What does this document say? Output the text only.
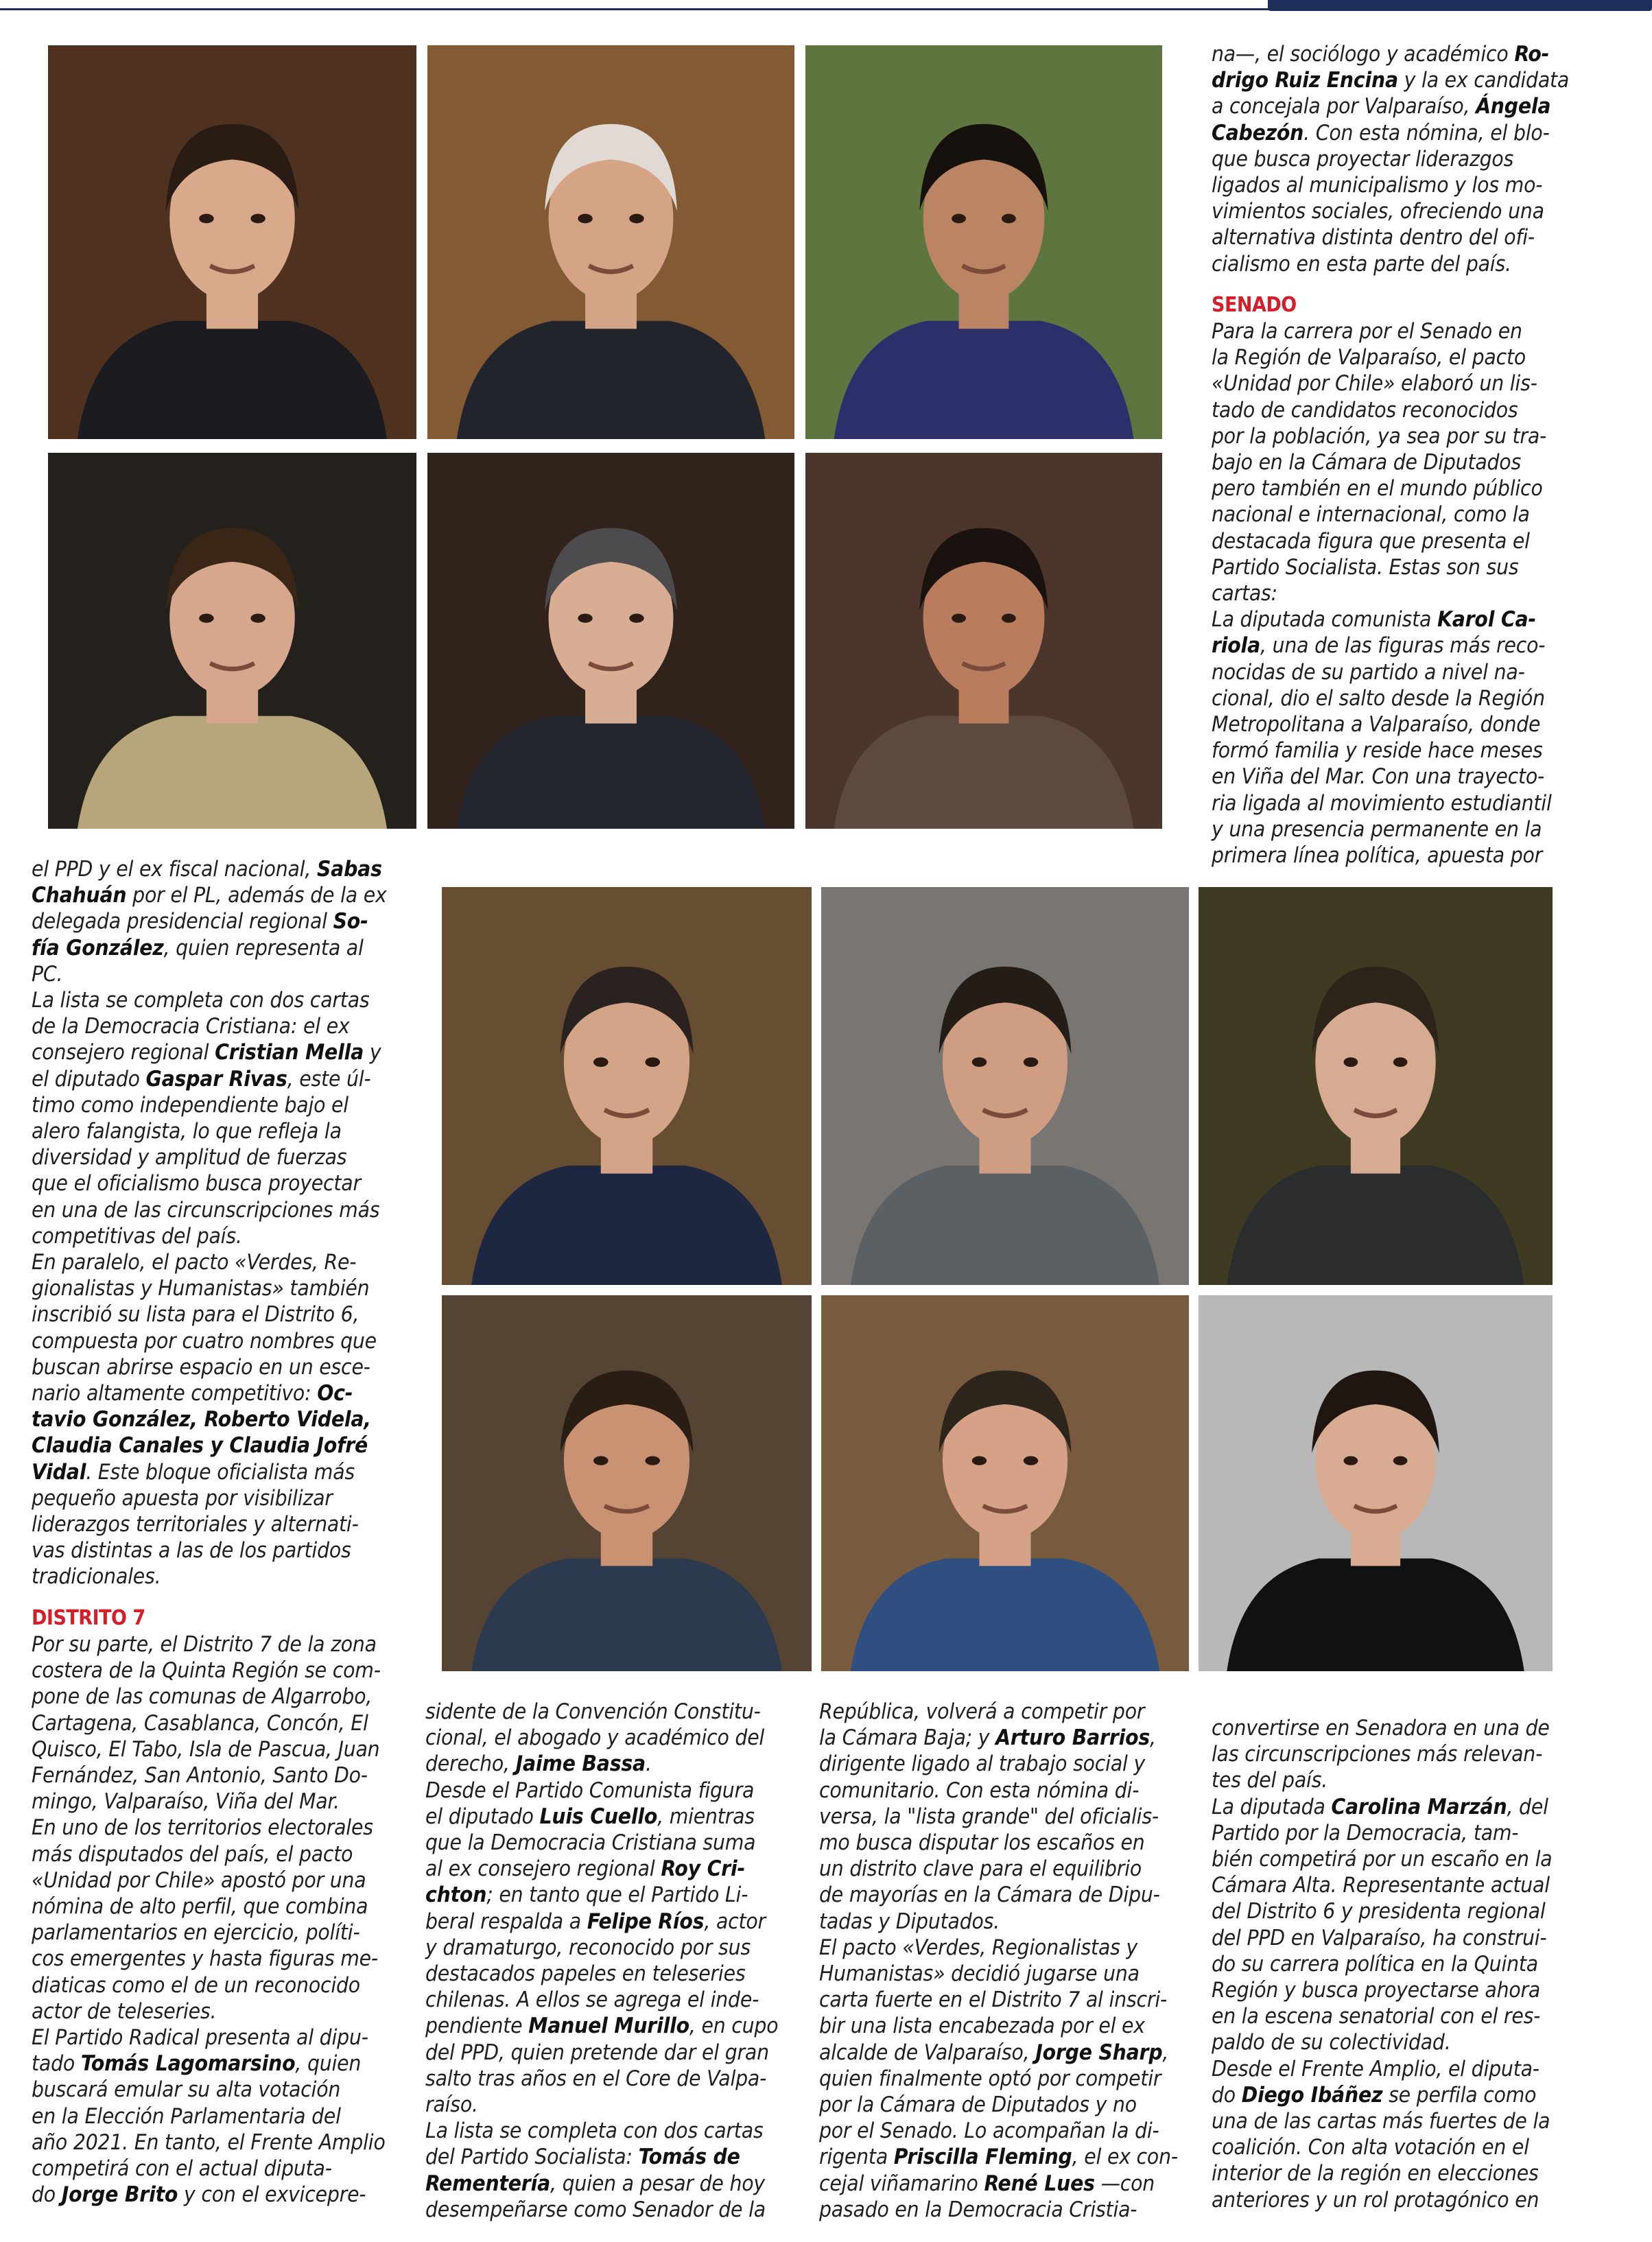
na—, el sociólogo y académico Ro-

drigo Ruiz Encina y la ex candidata

a concejala por Valparaíso, Ángela

Cabezón. Con esta nómina, el blo-

que busca proyectar liderazgos

ligados al municipalismo y los mo-

vimientos sociales, ofreciendo una

alternativa distinta dentro del ofi-

cialismo en esta parte del país.

SENADO

Para la carrera por el Senado en

la Región de Valparaíso, el pacto

«Unidad por Chile» elaboró un lis-

tado de candidatos reconocidos

por la población, ya sea por su tra-

bajo en la Cámara de Diputados

pero también en el mundo público

nacional e internacional, como la

destacada figura que presenta el

Partido Socialista. Estas son sus

cartas:

La diputada comunista Karol Ca-

riola, una de las figuras más reco-

nocidas de su partido a nivel na-

cional, dio el salto desde la Región

Metropolitana a Valparaíso, donde

formó familia y reside hace meses

en Viña del Mar. Con una trayecto-

ria ligada al movimiento estudiantil

y una presencia permanente en la

primera línea política, apuesta por

el PPD y el ex fiscal nacional, Sabas

Chahuán por el PL, además de la ex

delegada presidencial regional So-

fía González, quien representa al

PC.

La lista se completa con dos cartas

de la Democracia Cristiana: el ex

consejero regional Cristian Mella y

el diputado Gaspar Rivas, este úl-

timo como independiente bajo el

alero falangista, lo que refleja la

diversidad y amplitud de fuerzas

que el oficialismo busca proyectar

en una de las circunscripciones más

competitivas del país.

En paralelo, el pacto «Verdes, Re-

gionalistas y Humanistas» también

inscribió su lista para el Distrito 6,

compuesta por cuatro nombres que

buscan abrirse espacio en un esce-

nario altamente competitivo: Oc-

tavio González, Roberto Videla,

Claudia Canales y Claudia Jofré

Vidal. Este bloque oficialista más

pequeño apuesta por visibilizar

liderazgos territoriales y alternati-

vas distintas a las de los partidos

tradicionales.

DISTRITO 7

Por su parte, el Distrito 7 de la zona

costera de la Quinta Región se com-

pone de las comunas de Algarrobo,

Cartagena, Casablanca, Concón, El

Quisco, El Tabo, Isla de Pascua, Juan

Fernández, San Antonio, Santo Do-

mingo, Valparaíso, Viña del Mar.

En uno de los territorios electorales

más disputados del país, el pacto

«Unidad por Chile» apostó por una

nómina de alto perfil, que combina

parlamentarios en ejercicio, políti-

cos emergentes y hasta figuras me-

diaticas como el de un reconocido

actor de teleseries.

El Partido Radical presenta al dipu-

tado Tomás Lagomarsino, quien

buscará emular su alta votación

en la Elección Parlamentaria del

año 2021. En tanto, el Frente Amplio

competirá con el actual diputa-

do Jorge Brito y con el exvicepre-

sidente de la Convención Constitu-

cional, el abogado y académico del

derecho, Jaime Bassa.

Desde el Partido Comunista figura

el diputado Luis Cuello, mientras

que la Democracia Cristiana suma

al ex consejero regional Roy Cri-

chton; en tanto que el Partido Li-

beral respalda a Felipe Ríos, actor

y dramaturgo, reconocido por sus

destacados papeles en teleseries

chilenas. A ellos se agrega el inde-

pendiente Manuel Murillo, en cupo

del PPD, quien pretende dar el gran

salto tras años en el Core de Valpa-

raíso.

La lista se completa con dos cartas

del Partido Socialista: Tomás de

Rementería, quien a pesar de hoy

desempeñarse como Senador de la

República, volverá a competir por

la Cámara Baja; y Arturo Barrios,

dirigente ligado al trabajo social y

comunitario. Con esta nómina di-

versa, la "lista grande" del oficialis-

mo busca disputar los escaños en

un distrito clave para el equilibrio

de mayorías en la Cámara de Dipu-

tadas y Diputados.

El pacto «Verdes, Regionalistas y

Humanistas» decidió jugarse una

carta fuerte en el Distrito 7 al inscri-

bir una lista encabezada por el ex

alcalde de Valparaíso, Jorge Sharp,

quien finalmente optó por competir

por la Cámara de Diputados y no

por el Senado. Lo acompañan la di-

rigenta Priscilla Fleming, el ex con-

cejal viñamarino René Lues —con

pasado en la Democracia Cristia-

convertirse en Senadora en una de

las circunscripciones más relevan-

tes del país.

La diputada Carolina Marzán, del

Partido por la Democracia, tam-

bién competirá por un escaño en la

Cámara Alta. Representante actual

del Distrito 6 y presidenta regional

del PPD en Valparaíso, ha construi-

do su carrera política en la Quinta

Región y busca proyectarse ahora

en la escena senatorial con el res-

paldo de su colectividad.

Desde el Frente Amplio, el diputa-

do Diego Ibáñez se perfila como

una de las cartas más fuertes de la

coalición. Con alta votación en el

interior de la región en elecciones

anteriores y un rol protagónico en
